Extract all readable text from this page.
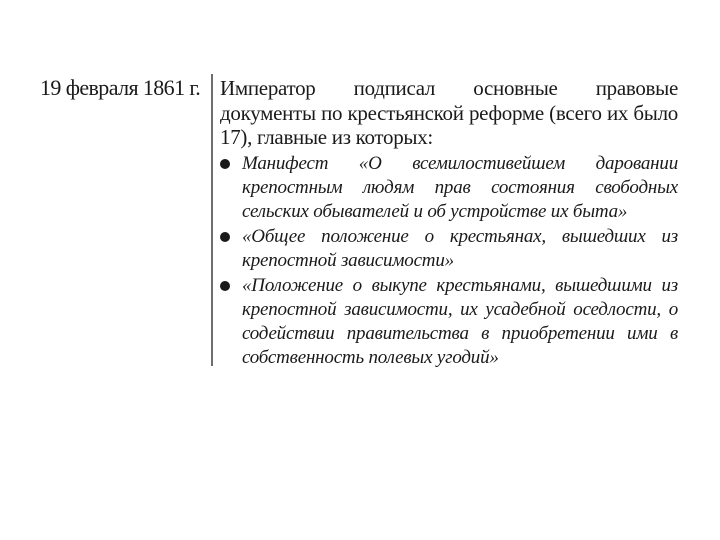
19 февраля 1861 г. Император подписал основные правовые документы по крестьянской реформе (всего их было 17), главные из которых:

Манифест «О всемилостивейшем даровании крепостным людям прав состояния свободных сельских обывателей и об устройстве их быта»
«Общее положение о крестьянах, вышедших из крепостной зависимости»
«Положение о выкупе крестьянами, вышедшими из крепостной зависимости, их усадебной оседлости, о содействии правительства в приобретении ими в собственность полевых угодий»
